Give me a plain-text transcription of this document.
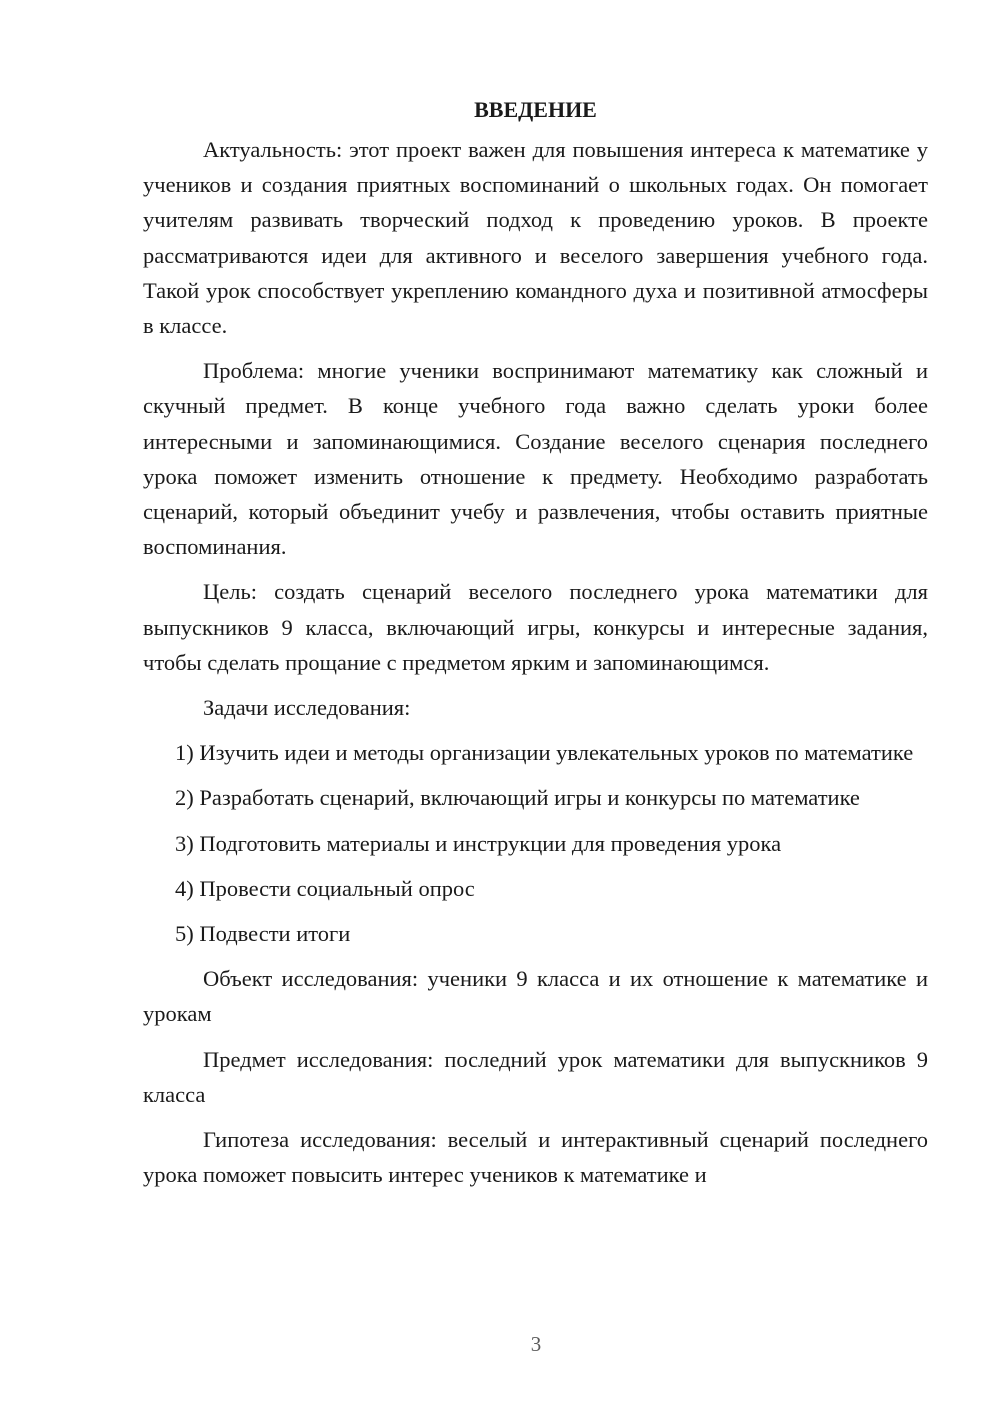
ВВЕДЕНИЕ

Актуальность: этот проект важен для повышения интереса к математике у учеников и создания приятных воспоминаний о школьных годах. Он помогает учителям развивать творческий подход к проведению уроков. В проекте рассматриваются идеи для активного и веселого завершения учебного года. Такой урок способствует укреплению командного духа и позитивной атмосферы в классе.

Проблема: многие ученики воспринимают математику как сложный и скучный предмет. В конце учебного года важно сделать уроки более интересными и запоминающимися. Создание веселого сценария последнего урока поможет изменить отношение к предмету. Необходимо разработать сценарий, который объединит учебу и развлечения, чтобы оставить приятные воспоминания.

Цель: создать сценарий веселого последнего урока математики для выпускников 9 класса, включающий игры, конкурсы и интересные задания, чтобы сделать прощание с предметом ярким и запоминающимся.

Задачи исследования:

1) Изучить идеи и методы организации увлекательных уроков по математике

2) Разработать сценарий, включающий игры и конкурсы по математике

3) Подготовить материалы и инструкции для проведения урока

4) Провести социальный опрос

5) Подвести итоги

Объект исследования: ученики 9 класса и их отношение к математике и урокам

Предмет исследования: последний урок математики для выпускников 9 класса

Гипотеза исследования: веселый и интерактивный сценарий последнего урока поможет повысить интерес учеников к математике и

3
